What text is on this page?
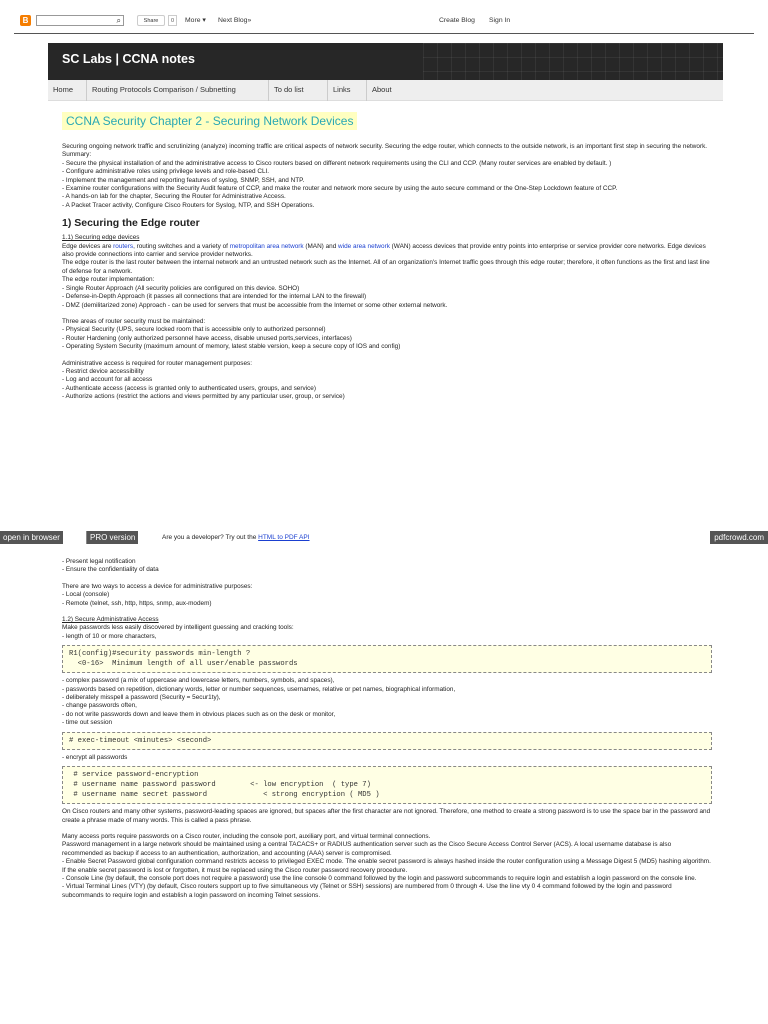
B	⌕	Share	0	More ▾ Next Blog»	Create Blog Sign In
SC Labs | CCNA notes
Home	Routing Protocols Comparison / Subnetting	To do list	Links	About
CCNA Security Chapter 2 - Securing Network Devices
Securing ongoing network traffic and scrutinizing (analyze) incoming traffic are critical aspects of network security. Securing the edge router, which connects to the outside network, is an important first step in securing the network.
Summary:
- Secure the physical installation of and the administrative access to Cisco routers based on different network requirements using the CLI and CCP. (Many router services are enabled by default. )
- Configure administrative roles using privilege levels and role-based CLI.
- Implement the management and reporting features of syslog, SNMP, SSH, and NTP.
- Examine router configurations with the Security Audit feature of CCP, and make the router and network more secure by using the auto secure command or the One-Step Lockdown feature of CCP.
- A hands-on lab for the chapter, Securing the Router for Administrative Access.
- A Packet Tracer activity, Configure Cisco Routers for Syslog, NTP, and SSH Operations.
1) Securing the Edge router
1.1) Securing edge devices
Edge devices are routers, routing switches and a variety of metropolitan area network (MAN) and wide area network (WAN) access devices that provide entry points into enterprise or service provider core networks. Edge devices also provide connections into carrier and service provider networks.
The edge router is the last router between the internal network and an untrusted network such as the Internet. All of an organization's Internet traffic goes through this edge router; therefore, it often functions as the first and last line of defense for a network.
The edge router implementation:
- Single Router Approach (All security policies are configured on this device. SOHO)
- Defense-in-Depth Approach (it passes all connections that are intended for the internal LAN to the firewall)
- DMZ (demilitarized zone) Approach - can be used for servers that must be accessible from the Internet or some other external network.
Three areas of router security must be maintained:
- Physical Security (UPS, secure locked room that is accessible only to authorized personnel)
- Router Hardening (only authorized personnel have access, disable unused ports,services, interfaces)
- Operating System Security (maximum amount of memory, latest stable version, keep a secure copy of IOS and config)
Administrative access is required for router management purposes:
- Restrict device accessibility
- Log and account for all access
- Authenticate access (access is granted only to authenticated users, groups, and service)
- Authorize actions (restrict the actions and views permitted by any particular user, group, or service)
open in browser	PRO version	Are you a developer? Try out the HTML to PDF API	pdfcrowd.com
- Present legal notification
- Ensure the confidentiality of data
There are two ways to access a device for administrative purposes:
- Local (console)
- Remote (telnet, ssh, http, https, snmp, aux-modem)
1.2) Secure Administrative Access
Make passwords less easily discovered by intelligent guessing and cracking tools:
- length of 10 or more characters,
R1(config)#security passwords min-length ?
<0-16>  Minimum length of all user/enable passwords
- complex password (a mix of uppercase and lowercase letters, numbers, symbols, and spaces),
- passwords based on repetition, dictionary words, letter or number sequences, usernames, relative or pet names, biographical information,
- deliberately misspell a password (Security = 5ecur1ty),
- change passwords often,
- do not write passwords down and leave them in obvious places such as on the desk or monitor,
- time out session
# exec-timeout <minutes> <second>
- encrypt all passwords
# service password-encryption
# username name password password        <- low encryption  ( type 7)
# username name secret password             < strong encryption ( MD5 )
On Cisco routers and many other systems, password-leading spaces are ignored, but spaces after the first character are not ignored. Therefore, one method to create a strong password is to use the space bar in the password and create a phrase made of many words. This is called a pass phrase.
Many access ports require passwords on a Cisco router, including the console port, auxiliary port, and virtual terminal connections.
Password management in a large network should be maintained using a central TACACS+ or RADIUS authentication server such as the Cisco Secure Access Control Server (ACS). A local username database is also recommended as backup if access to an authentication, authorization, and accounting (AAA) server is compromised.
- Enable Secret Password global configuration command restricts access to privileged EXEC mode. The enable secret password is always hashed inside the router configuration using a Message Digest 5 (MD5) hashing algorithm. If the enable secret password is lost or forgotten, it must be replaced using the Cisco router password recovery procedure.
- Console Line (by default, the console port does not require a password) use the line console 0 command followed by the login and password subcommands to require login and establish a login password on the console line.
- Virtual Terminal Lines (VTY) (by default, Cisco routers support up to five simultaneous vty (Telnet or SSH) sessions) are numbered from 0 through 4. Use the line vty 0 4 command followed by the login and password subcommands to require login and establish a login password on incoming Telnet sessions.
